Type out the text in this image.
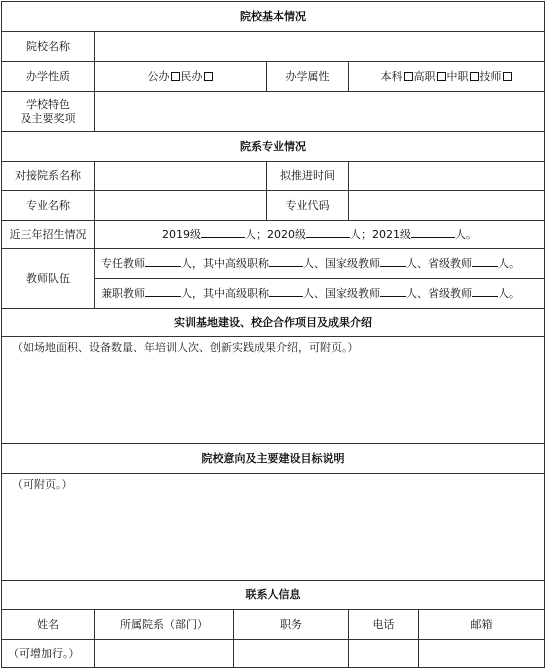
院校基本情况					
院校名称					
办学性质	公办 民办		办学属性	本科 高职 中职 技师	

学校特色
及主要奖项					

院系专业情况					
对接院系名称			拟推进时间		
专业名称			专业代码		
近三年招生情况	2019级 人；2020级 人；2021级 人。				
教师队伍	专任教师 人，其中高级职称 人、国家级教师 人、省级教师 人。				
	兼职教师 人，其中高级职称 人、国家级教师 人、省级教师 人。				
实训基地建设、校企合作项目及成果介绍					
（如场地面积、设备数量、年培训人次、创新实践成果介绍，可附页。）					
院校意向及主要建设目标说明					
（可附页。）					
联系人信息					
姓名	所属院系（部门）	职务		电话	邮箱
（可增加行。）					
